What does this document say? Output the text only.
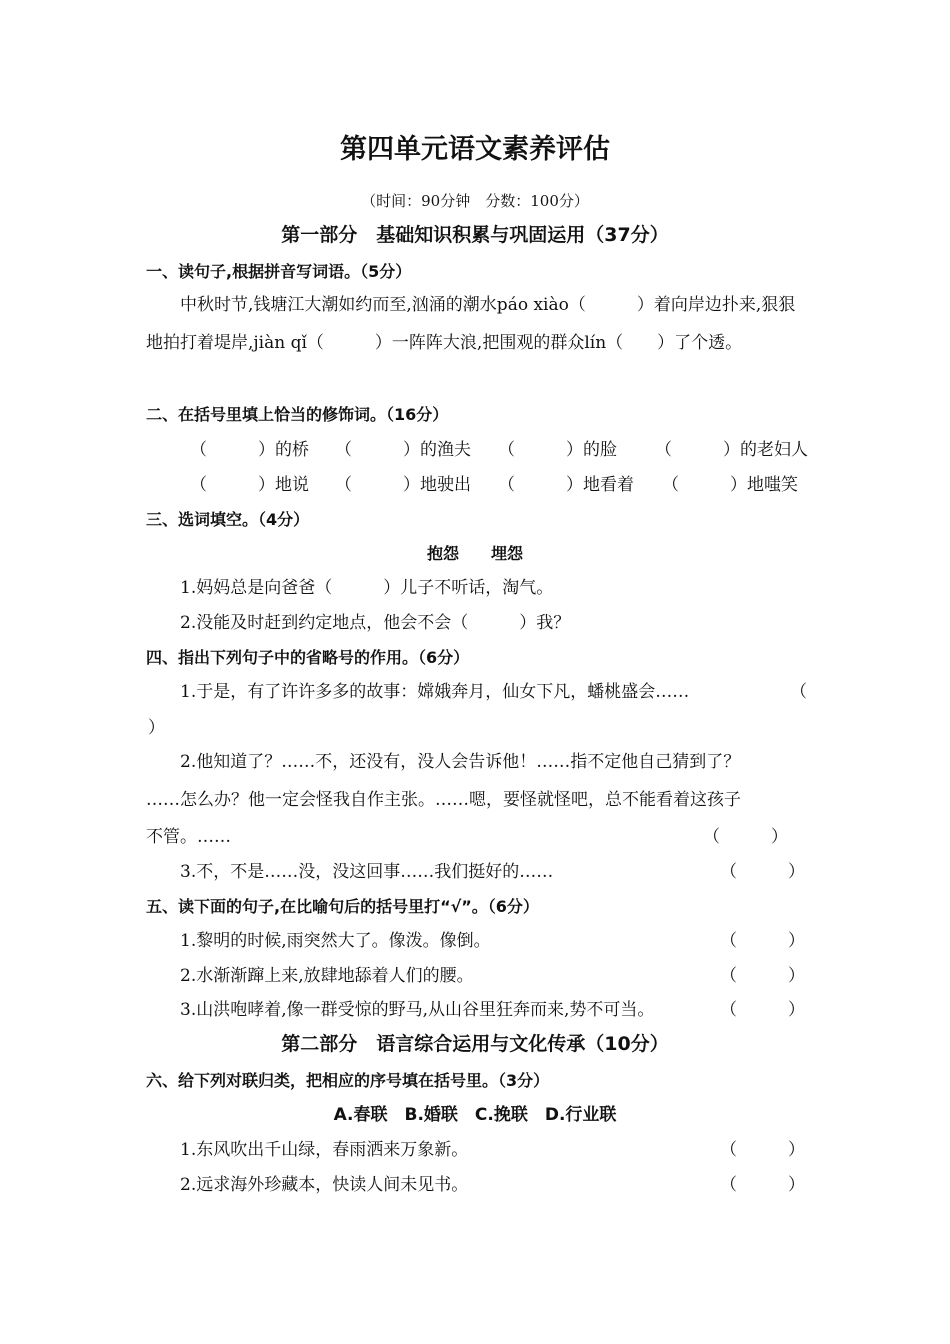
第四单元语文素养评估
（时间：90分钟　分数：100分）
第一部分　基础知识积累与巩固运用（37分）
一、读句子,根据拼音写词语。（5分）
中秋时节,钱塘江大潮如约而至,汹涌的潮水páo xiào（　　　）着向岸边扑来,狠狠地拍打着堤岸,jiàn qǐ（　　　）一阵阵大浪,把围观的群众lín（　　）了个透。
二、在括号里填上恰当的修饰词。（16分）
（　　　）的桥 （　　　）的渔夫 （　　　）的脸 （　　　）的老妇人
（　　　）地说 （　　　）地驶出 （　　　）地看着 （　　　）地嗤笑
三、选词填空。（4分）
抱怨　　埋怨
1.妈妈总是向爸爸（　　　）儿子不听话，淘气。
2.没能及时赶到约定地点，他会不会（　　　）我？
四、指出下列句子中的省略号的作用。（6分）
1.于是，有了许许多多的故事：嫦娥奔月，仙女下凡，蟠桃盛会……	（
）
2.他知道了？……不，还没有，没人会告诉他！……指不定他自己猜到了？
……怎么办？他一定会怪我自作主张。……嗯，要怪就怪吧，总不能看着这孩子
不管。……	（　　　）
3.不，不是……没，没这回事……我们挺好的……	（　　　）
五、读下面的句子,在比喻句后的括号里打“√”。（6分）
1.黎明的时候,雨突然大了。像泼。像倒。	（　　　）
2.水渐渐蹿上来,放肆地舔着人们的腰。	（　　　）
3.山洪咆哮着,像一群受惊的野马,从山谷里狂奔而来,势不可当。	（　　　）
第二部分　语言综合运用与文化传承（10分）
六、给下列对联归类，把相应的序号填在括号里。（3分）
A.春联　B.婚联　C.挽联　D.行业联
1.东风吹出千山绿，春雨洒来万象新。	（　　　）
2.远求海外珍藏本，快读人间未见书。	（　　　）
